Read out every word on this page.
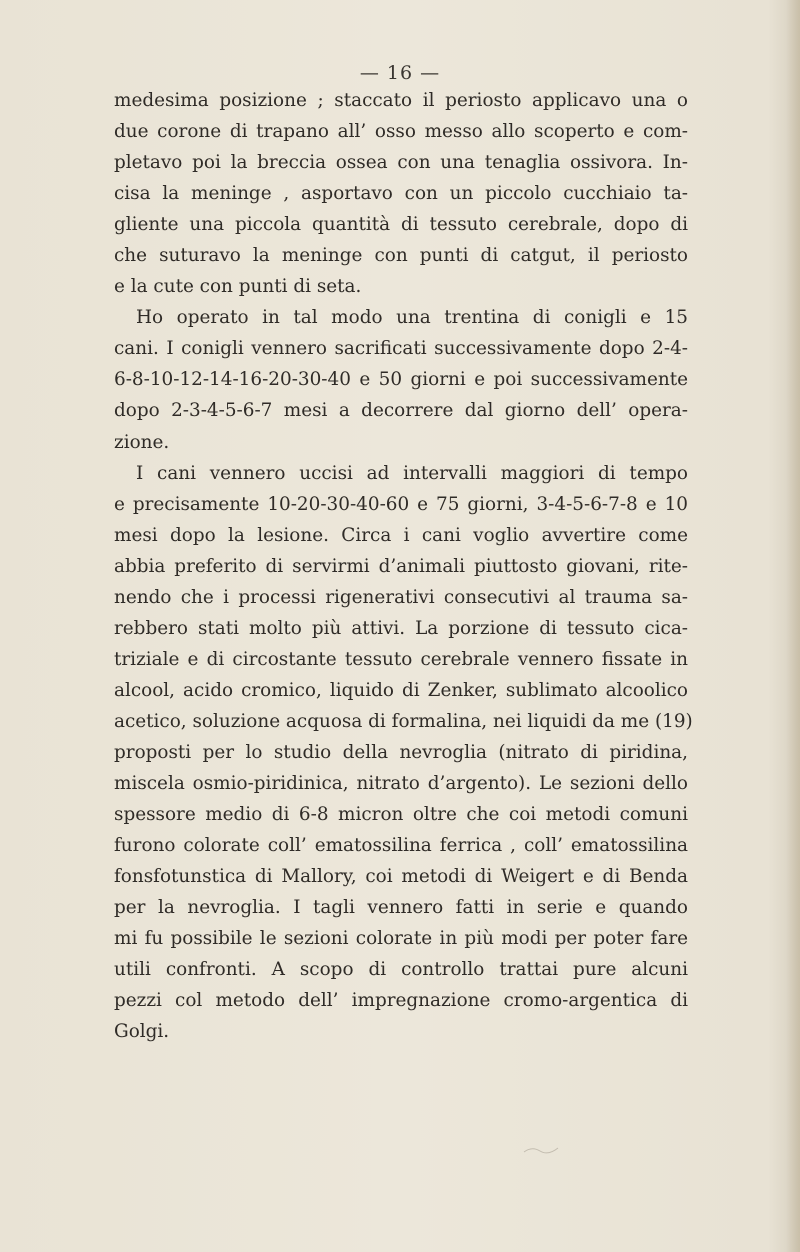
— 16 —
medesima posizione ; staccato il periosto applicavo una o
due corone di trapano all’ osso messo allo scoperto e com-
pletavo poi la breccia ossea con una tenaglia ossivora. In-
cisa la meninge , asportavo con un piccolo cucchiaio ta-
gliente una piccola quantità di tessuto cerebrale, dopo di
che suturavo la meninge con punti di catgut, il periosto
e la cute con punti di seta.
Ho operato in tal modo una trentina di conigli e 15
cani. I conigli vennero sacrificati successivamente dopo 2-4-
6-8-10-12-14-16-20-30-40 e 50 giorni e poi successivamente
dopo 2-3-4-5-6-7 mesi a decorrere dal giorno dell’ opera-
zione.
I cani vennero uccisi ad intervalli maggiori di tempo
e precisamente 10-20-30-40-60 e 75 giorni, 3-4-5-6-7-8 e 10
mesi dopo la lesione. Circa i cani voglio avvertire come
abbia preferito di servirmi d’animali piuttosto giovani, rite-
nendo che i processi rigenerativi consecutivi al trauma sa-
rebbero stati molto più attivi. La porzione di tessuto cica-
triziale e di circostante tessuto cerebrale vennero fissate in
alcool, acido cromico, liquido di Zenker, sublimato alcoolico
acetico, soluzione acquosa di formalina, nei liquidi da me (19)
proposti per lo studio della nevroglia (nitrato di piridina,
miscela osmio-piridinica, nitrato d’argento). Le sezioni dello
spessore medio di 6-8 micron oltre che coi metodi comuni
furono colorate coll’ ematossilina ferrica , coll’ ematossilina
fonsfotunstica di Mallory, coi metodi di Weigert e di Benda
per la nevroglia. I tagli vennero fatti in serie e quando
mi fu possibile le sezioni colorate in più modi per poter fare
utili confronti. A scopo di controllo trattai pure alcuni
pezzi col metodo dell’ impregnazione cromo-argentica di
Golgi.
